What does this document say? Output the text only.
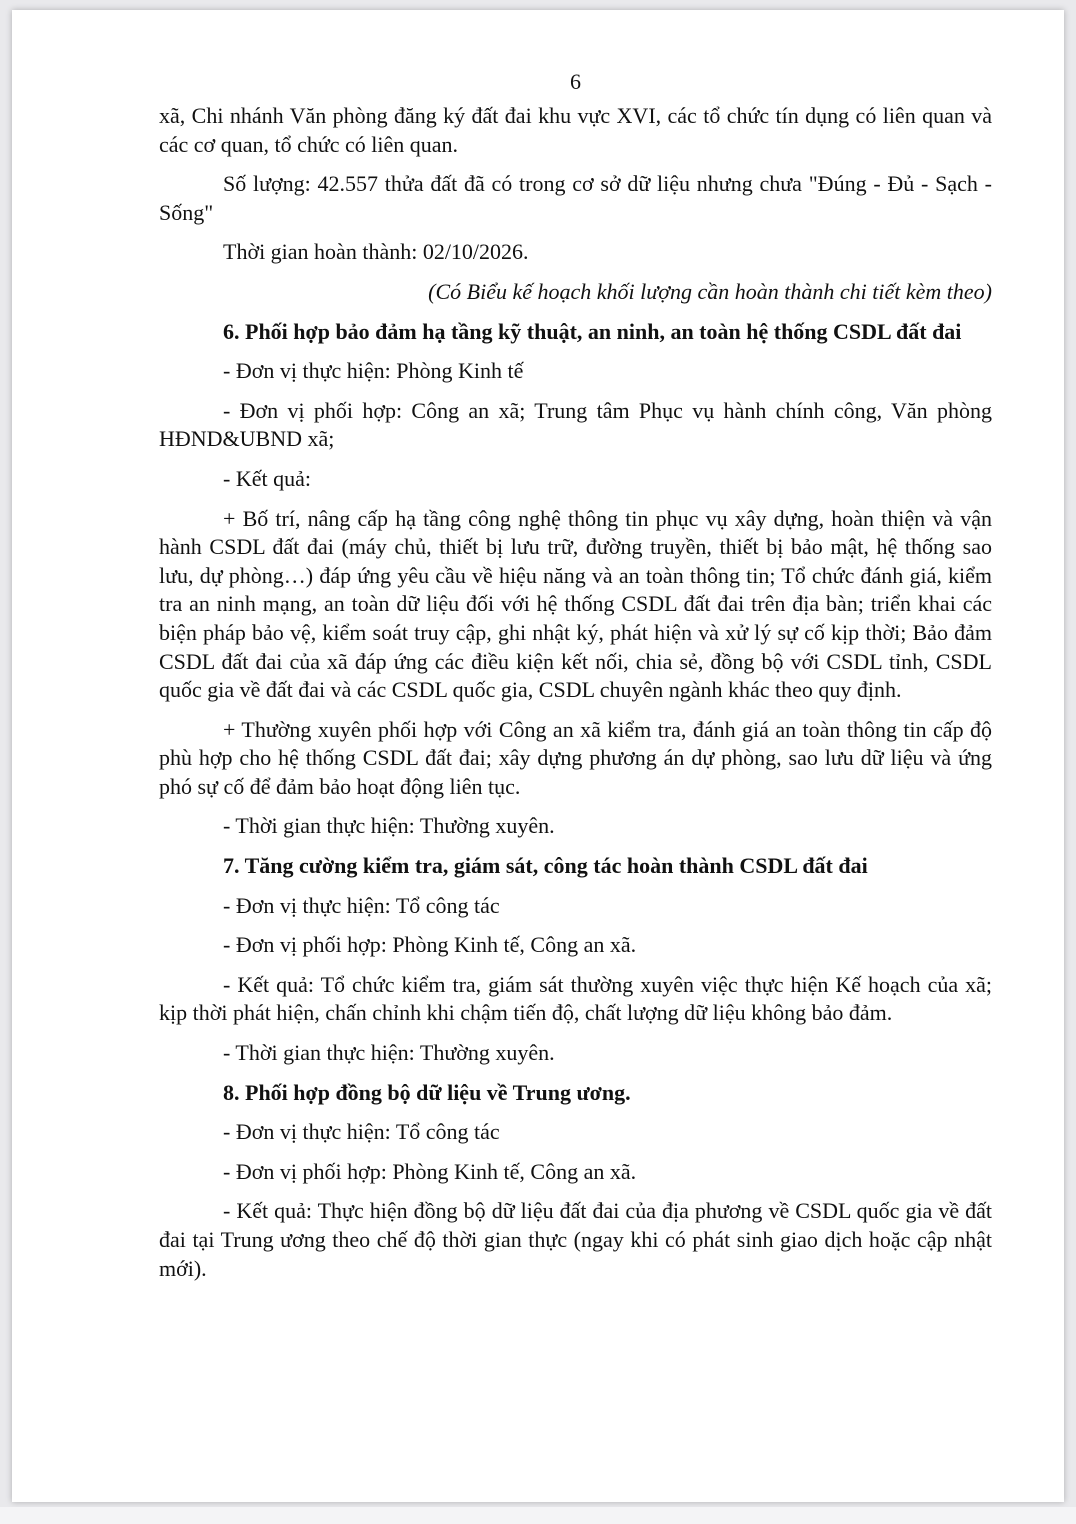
6

xã, Chi nhánh Văn phòng đăng ký đất đai khu vực XVI, các tổ chức tín dụng có liên quan và các cơ quan, tổ chức có liên quan.

Số lượng: 42.557 thửa đất đã có trong cơ sở dữ liệu nhưng chưa "Đúng - Đủ - Sạch - Sống"

Thời gian hoàn thành: 02/10/2026.

(Có Biểu kế hoạch khối lượng cần hoàn thành chi tiết kèm theo)

6. Phối hợp bảo đảm hạ tầng kỹ thuật, an ninh, an toàn hệ thống CSDL đất đai

- Đơn vị thực hiện: Phòng Kinh tế

- Đơn vị phối hợp: Công an xã; Trung tâm Phục vụ hành chính công, Văn phòng HĐND&UBND xã;

- Kết quả:

+ Bố trí, nâng cấp hạ tầng công nghệ thông tin phục vụ xây dựng, hoàn thiện và vận hành CSDL đất đai (máy chủ, thiết bị lưu trữ, đường truyền, thiết bị bảo mật, hệ thống sao lưu, dự phòng…) đáp ứng yêu cầu về hiệu năng và an toàn thông tin; Tổ chức đánh giá, kiểm tra an ninh mạng, an toàn dữ liệu đối với hệ thống CSDL đất đai trên địa bàn; triển khai các biện pháp bảo vệ, kiểm soát truy cập, ghi nhật ký, phát hiện và xử lý sự cố kịp thời; Bảo đảm CSDL đất đai của xã đáp ứng các điều kiện kết nối, chia sẻ, đồng bộ với CSDL tỉnh, CSDL quốc gia về đất đai và các CSDL quốc gia, CSDL chuyên ngành khác theo quy định.

+ Thường xuyên phối hợp với Công an xã kiểm tra, đánh giá an toàn thông tin cấp độ phù hợp cho hệ thống CSDL đất đai; xây dựng phương án dự phòng, sao lưu dữ liệu và ứng phó sự cố để đảm bảo hoạt động liên tục.

- Thời gian thực hiện: Thường xuyên.

7. Tăng cường kiểm tra, giám sát, công tác hoàn thành CSDL đất đai

- Đơn vị thực hiện: Tổ công tác

- Đơn vị phối hợp: Phòng Kinh tế, Công an xã.

- Kết quả: Tổ chức kiểm tra, giám sát thường xuyên việc thực hiện Kế hoạch của xã; kịp thời phát hiện, chấn chỉnh khi chậm tiến độ, chất lượng dữ liệu không bảo đảm.

- Thời gian thực hiện: Thường xuyên.

8. Phối hợp đồng bộ dữ liệu về Trung ương.

- Đơn vị thực hiện: Tổ công tác

- Đơn vị phối hợp: Phòng Kinh tế, Công an xã.

- Kết quả: Thực hiện đồng bộ dữ liệu đất đai của địa phương về CSDL quốc gia về đất đai tại Trung ương theo chế độ thời gian thực (ngay khi có phát sinh giao dịch hoặc cập nhật mới).
